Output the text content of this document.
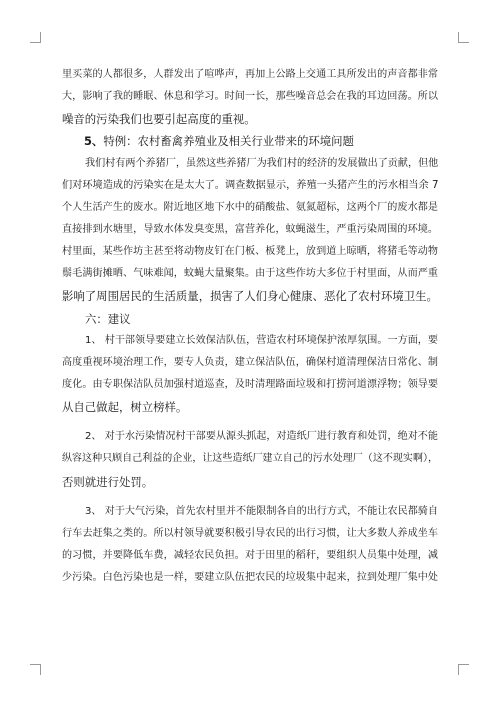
里买菜的人都很多，人群发出了喧哗声，再加上公路上交通工具所发出的声音都非常
大，影响了我的睡眠、休息和学习。时间一长，那些噪音总会在我的耳边回荡。所以
噪音的污染我们也要引起高度的重视。
5、特例：农村畜禽养殖业及相关行业带来的环境问题
我们村有两个养猪厂，虽然这些养猪厂为我们村的经济的发展做出了贡献，但他
们对环境造成的污染实在是太大了。调查数据显示，养殖一头猪产生的污水相当余 7
个人生活产生的废水。附近地区地下水中的硝酸盐、氨氮超标，这两个厂的废水都是
直接排到水塘里，导致水体发臭变黑，富营养化，蚊蝇滋生，严重污染周围的环境。
村里面，某些作坊主甚至将动物皮钉在门板、板凳上，放到道上晾晒，将猪毛等动物
鬃毛满街摊晒、气味难闻，蚊蝇大量聚集。由于这些作坊大多位于村里面，从而严重
影响了周围居民的生活质量，损害了人们身心健康、恶化了农村环境卫生。
六：建议
1、 村干部领导要建立长效保洁队伍，营造农村环境保护浓厚氛围。一方面，要
高度重视环境治理工作，要专人负责，建立保洁队伍，确保村道清理保洁日常化、制
度化。由专职保洁队员加强村道巡查，及时清理路面垃圾和打捞河道漂浮物；领导要
从自己做起，树立榜样。
2、 对于水污染情况村干部要从源头抓起，对造纸厂进行教育和处罚，绝对不能
纵容这种只顾自己利益的企业，让这些造纸厂建立自己的污水处理厂（这不现实啊），
否则就进行处罚。
3、 对于大气污染，首先农村里并不能限制各自的出行方式，不能让农民都骑自
行车去赶集之类的。所以村领导就要积极引导农民的出行习惯，让大多数人养成坐车
的习惯，并要降低车费，减轻农民负担。对于田里的稻秆，要组织人员集中处理，减
少污染。白色污染也是一样，要建立队伍把农民的垃圾集中起来，拉到处理厂集中处
